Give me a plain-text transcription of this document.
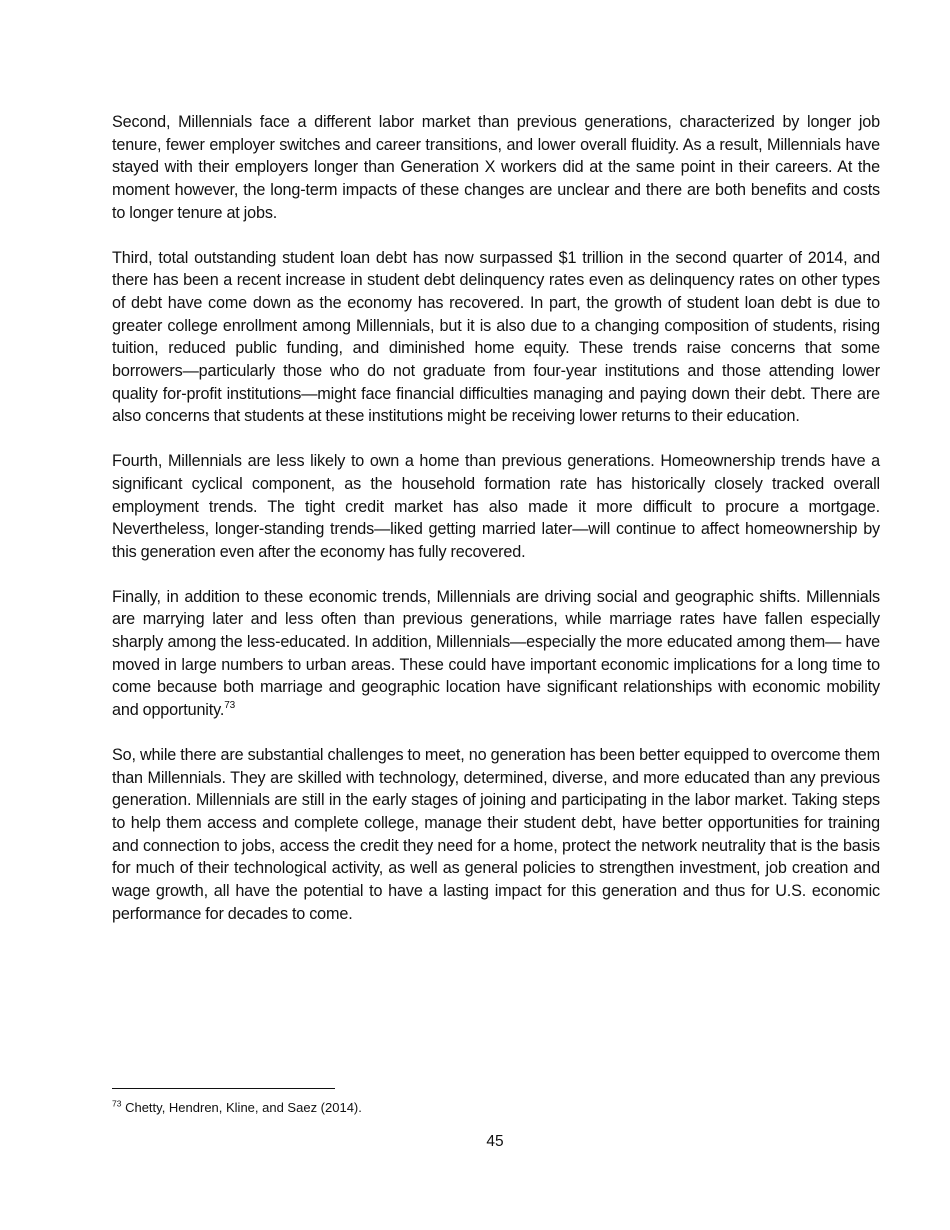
Second, Millennials face a different labor market than previous generations, characterized by longer job tenure, fewer employer switches and career transitions, and lower overall fluidity. As a result, Millennials have stayed with their employers longer than Generation X workers did at the same point in their careers. At the moment however, the long-term impacts of these changes are unclear and there are both benefits and costs to longer tenure at jobs.

Third, total outstanding student loan debt has now surpassed $1 trillion in the second quarter of 2014, and there has been a recent increase in student debt delinquency rates even as delinquency rates on other types of debt have come down as the economy has recovered. In part, the growth of student loan debt is due to greater college enrollment among Millennials, but it is also due to a changing composition of students, rising tuition, reduced public funding, and diminished home equity. These trends raise concerns that some borrowers—particularly those who do not graduate from four-year institutions and those attending lower quality for-profit institutions—might face financial difficulties managing and paying down their debt. There are also concerns that students at these institutions might be receiving lower returns to their education.

Fourth, Millennials are less likely to own a home than previous generations. Homeownership trends have a significant cyclical component, as the household formation rate has historically closely tracked overall employment trends. The tight credit market has also made it more difficult to procure a mortgage. Nevertheless, longer-standing trends—liked getting married later—will continue to affect homeownership by this generation even after the economy has fully recovered.

Finally, in addition to these economic trends, Millennials are driving social and geographic shifts. Millennials are marrying later and less often than previous generations, while marriage rates have fallen especially sharply among the less-educated. In addition, Millennials—especially the more educated among them— have moved in large numbers to urban areas. These could have important economic implications for a long time to come because both marriage and geographic location have significant relationships with economic mobility and opportunity.$^{73}$

So, while there are substantial challenges to meet, no generation has been better equipped to overcome them than Millennials. They are skilled with technology, determined, diverse, and more educated than any previous generation. Millennials are still in the early stages of joining and participating in the labor market. Taking steps to help them access and complete college, manage their student debt, have better opportunities for training and connection to jobs, access the credit they need for a home, protect the network neutrality that is the basis for much of their technological activity, as well as general policies to strengthen investment, job creation and wage growth, all have the potential to have a lasting impact for this generation and thus for U.S. economic performance for decades to come.

$^{73}$ Chetty, Hendren, Kline, and Saez (2014).
45
